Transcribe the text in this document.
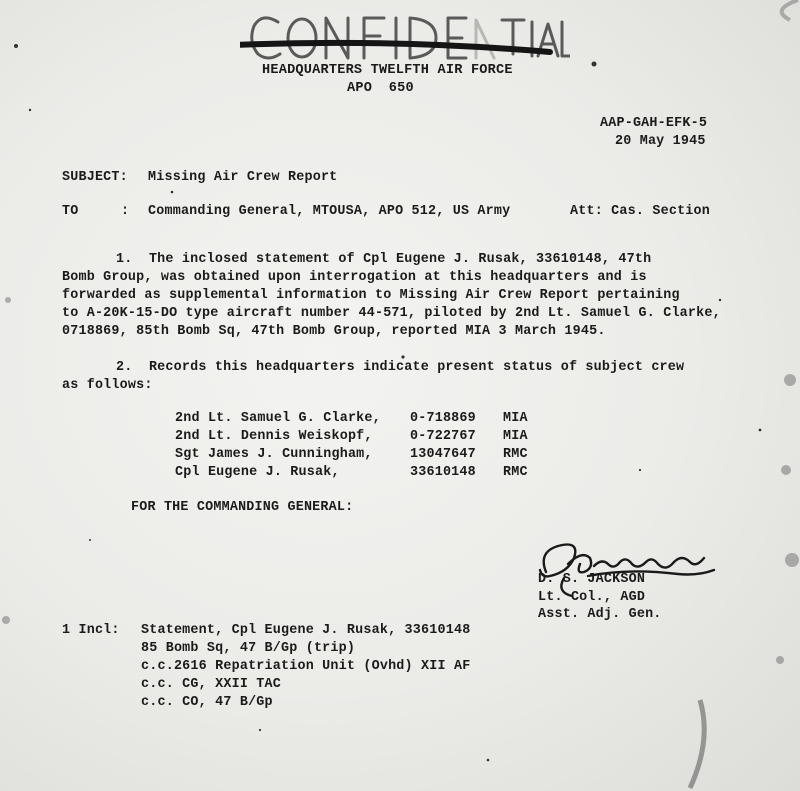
HEADQUARTERS TWELFTH AIR FORCE
APO  650
AAP-GAH-EFK-5
20 May 1945
SUBJECT: Missing Air Crew Report
TO	: Commanding General, MTOUSA, APO 512, US Army	Att: Cas. Section
1.  The inclosed statement of Cpl Eugene J. Rusak, 33610148, 47th
Bomb Group, was obtained upon interrogation at this headquarters and is
forwarded as supplemental information to Missing Air Crew Report pertaining
to A-20K-15-DO type aircraft number 44-571, piloted by 2nd Lt. Samuel G. Clarke,
0718869, 85th Bomb Sq, 47th Bomb Group, reported MIA 3 March 1945.
2.  Records this headquarters indicate present status of subject crew
as follows:
2nd Lt. Samuel G. Clarke, 0-718869 MIA
2nd Lt. Dennis Weiskopf,	0-722767 MIA
Sgt James J. Cunningham,	13047647 RMC
Cpl Eugene J. Rusak,	33610148 RMC
FOR THE COMMANDING GENERAL:
D. S. JACKSON
Lt. Col., AGD
Asst. Adj. Gen.
1 Incl: Statement, Cpl Eugene J. Rusak, 33610148
85 Bomb Sq, 47 B/Gp (trip)
c.c.2616 Repatriation Unit (Ovhd) XII AF
c.c. CG, XXII TAC
c.c. CO, 47 B/Gp
